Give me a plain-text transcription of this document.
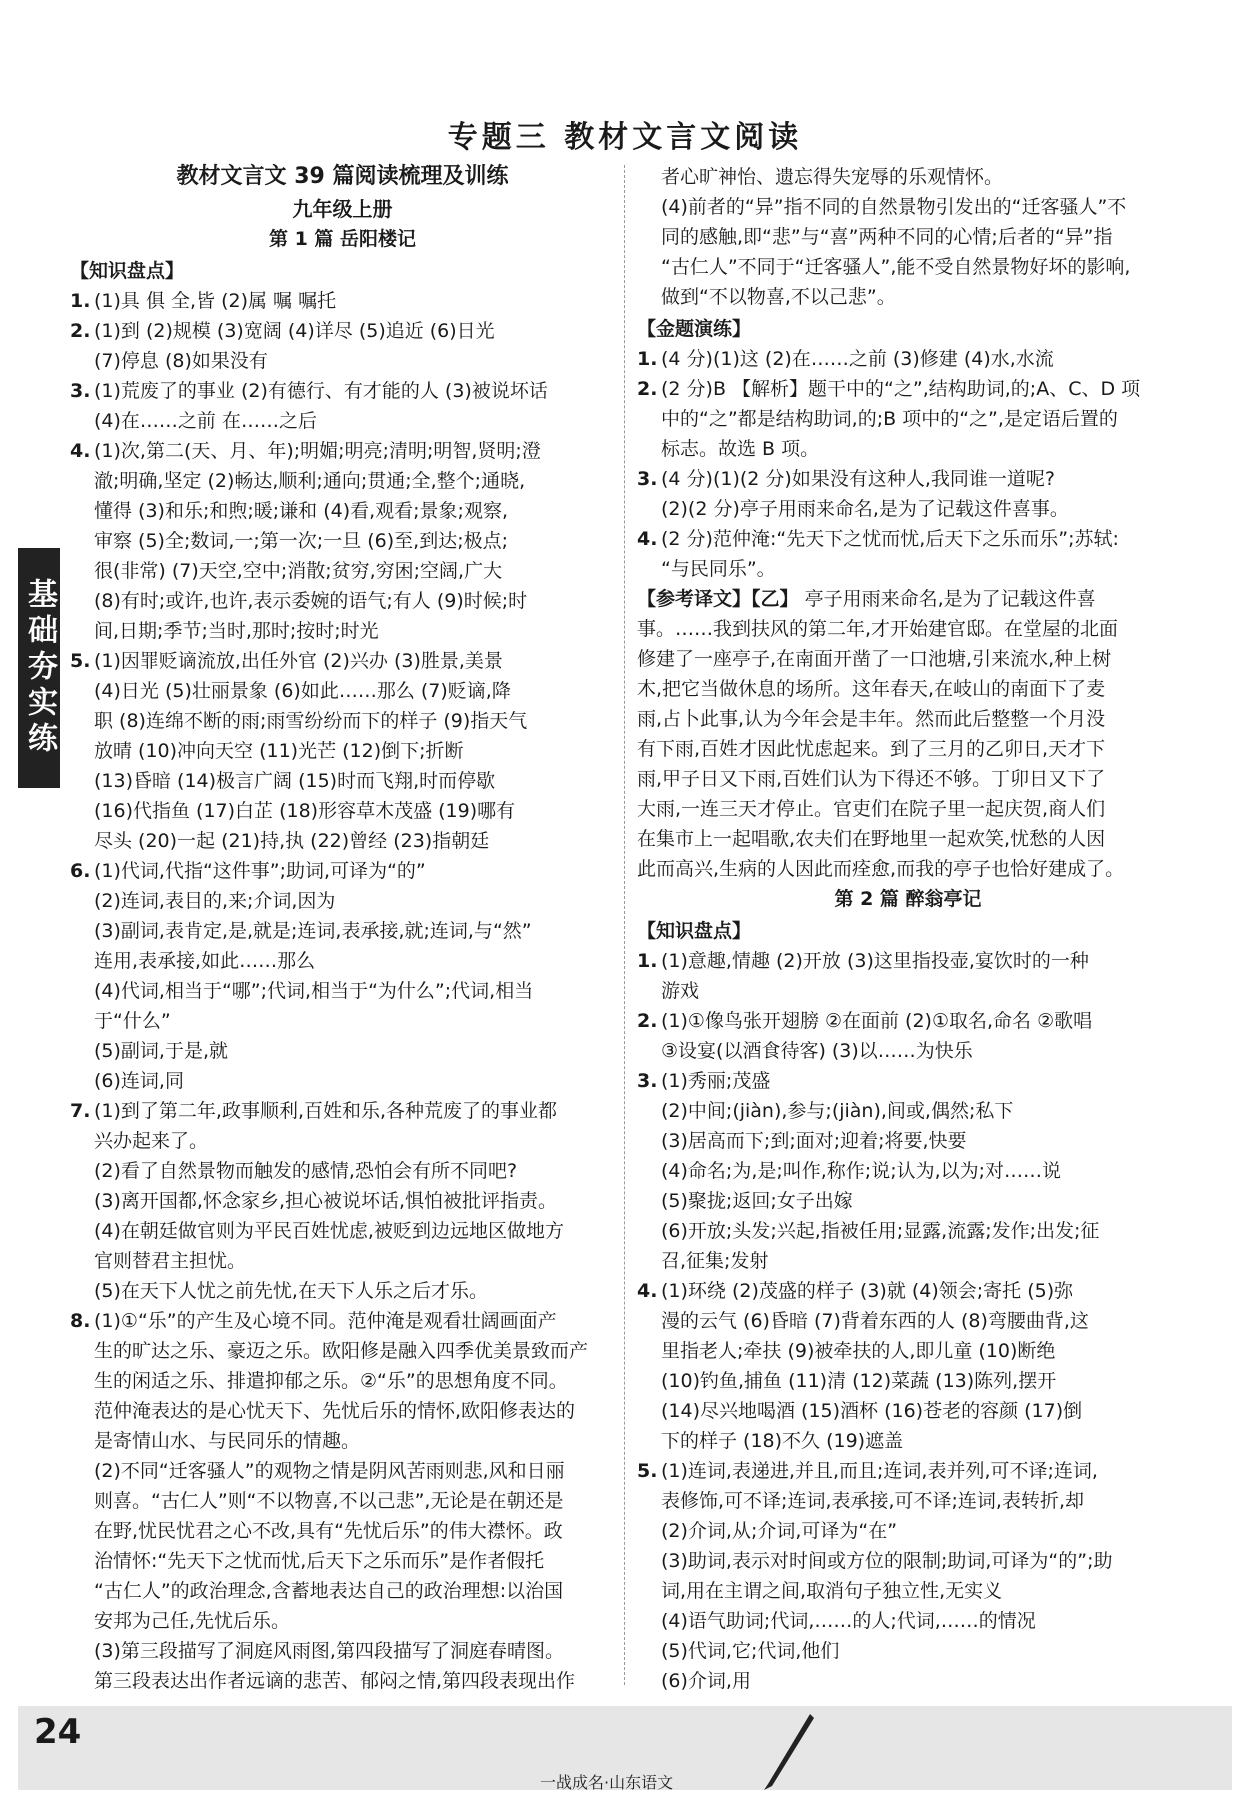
专题三 教材文言文阅读
基础夯实练
教材文言文 39 篇阅读梳理及训练
九年级上册
第 1 篇 岳阳楼记
【知识盘点】
1. (1)具 俱 全,皆 (2)属 嘱 嘱托
2. (1)到 (2)规模 (3)宽阔 (4)详尽 (5)追近 (6)日光
(7)停息 (8)如果没有
3. (1)荒废了的事业 (2)有德行、有才能的人 (3)被说坏话
(4)在……之前 在……之后
4. (1)次,第二(天、月、年);明媚;明亮;清明;明智,贤明;澄
澈;明确,坚定 (2)畅达,顺利;通向;贯通;全,整个;通晓,
懂得 (3)和乐;和煦;暖;谦和 (4)看,观看;景象;观察,
审察 (5)全;数词,一;第一次;一旦 (6)至,到达;极点;
很(非常) (7)天空,空中;消散;贫穷,穷困;空阔,广大
(8)有时;或许,也许,表示委婉的语气;有人 (9)时候;时
间,日期;季节;当时,那时;按时;时光
5. (1)因罪贬谪流放,出任外官 (2)兴办 (3)胜景,美景
(4)日光 (5)壮丽景象 (6)如此……那么 (7)贬谪,降
职 (8)连绵不断的雨;雨雪纷纷而下的样子 (9)指天气
放晴 (10)冲向天空 (11)光芒 (12)倒下;折断
(13)昏暗 (14)极言广阔 (15)时而飞翔,时而停歇
(16)代指鱼 (17)白芷 (18)形容草木茂盛 (19)哪有
尽头 (20)一起 (21)持,执 (22)曾经 (23)指朝廷
6. (1)代词,代指“这件事”;助词,可译为“的”
(2)连词,表目的,来;介词,因为
(3)副词,表肯定,是,就是;连词,表承接,就;连词,与“然”
连用,表承接,如此……那么
(4)代词,相当于“哪”;代词,相当于“为什么”;代词,相当
于“什么”
(5)副词,于是,就
(6)连词,同
7. (1)到了第二年,政事顺利,百姓和乐,各种荒废了的事业都
兴办起来了。
(2)看了自然景物而触发的感情,恐怕会有所不同吧?
(3)离开国都,怀念家乡,担心被说坏话,惧怕被批评指责。
(4)在朝廷做官则为平民百姓忧虑,被贬到边远地区做地方
官则替君主担忧。
(5)在天下人忧之前先忧,在天下人乐之后才乐。
8. (1)①“乐”的产生及心境不同。范仲淹是观看壮阔画面产
生的旷达之乐、豪迈之乐。欧阳修是融入四季优美景致而产
生的闲适之乐、排遣抑郁之乐。②“乐”的思想角度不同。
范仲淹表达的是心忧天下、先忧后乐的情怀,欧阳修表达的
是寄情山水、与民同乐的情趣。
(2)不同“迁客骚人”的观物之情是阴风苦雨则悲,风和日丽
则喜。“古仁人”则“不以物喜,不以己悲”,无论是在朝还是
在野,忧民忧君之心不改,具有“先忧后乐”的伟大襟怀。政
治情怀:“先天下之忧而忧,后天下之乐而乐”是作者假托
“古仁人”的政治理念,含蓄地表达自己的政治理想:以治国
安邦为己任,先忧后乐。
(3)第三段描写了洞庭风雨图,第四段描写了洞庭春晴图。
第三段表达出作者远谪的悲苦、郁闷之情,第四段表现出作
者心旷神怡、遗忘得失宠辱的乐观情怀。
(4)前者的“异”指不同的自然景物引发出的“迁客骚人”不
同的感触,即“悲”与“喜”两种不同的心情;后者的“异”指
“古仁人”不同于“迁客骚人”,能不受自然景物好坏的影响,
做到“不以物喜,不以己悲”。
【金题演练】
1. (4 分)(1)这 (2)在……之前 (3)修建 (4)水,水流
2. (2 分)B 【解析】题干中的“之”,结构助词,的;A、C、D 项
中的“之”都是结构助词,的;B 项中的“之”,是定语后置的
标志。故选 B 项。
3. (4 分)(1)(2 分)如果没有这种人,我同谁一道呢?
(2)(2 分)亭子用雨来命名,是为了记载这件喜事。
4. (2 分)范仲淹:“先天下之忧而忧,后天下之乐而乐”;苏轼:
“与民同乐”。
【参考译文】【乙】 亭子用雨来命名,是为了记载这件喜
事。……我到扶风的第二年,才开始建官邸。在堂屋的北面
修建了一座亭子,在南面开凿了一口池塘,引来流水,种上树
木,把它当做休息的场所。这年春天,在岐山的南面下了麦
雨,占卜此事,认为今年会是丰年。然而此后整整一个月没
有下雨,百姓才因此忧虑起来。到了三月的乙卯日,天才下
雨,甲子日又下雨,百姓们认为下得还不够。丁卯日又下了
大雨,一连三天才停止。官吏们在院子里一起庆贺,商人们
在集市上一起唱歌,农夫们在野地里一起欢笑,忧愁的人因
此而高兴,生病的人因此而痊愈,而我的亭子也恰好建成了。
第 2 篇 醉翁亭记
【知识盘点】
1. (1)意趣,情趣 (2)开放 (3)这里指投壶,宴饮时的一种
游戏
2. (1)①像鸟张开翅膀 ②在面前 (2)①取名,命名 ②歌唱
③设宴(以酒食待客) (3)以……为快乐
3. (1)秀丽;茂盛
(2)中间;(jiàn),参与;(jiàn),间或,偶然;私下
(3)居高而下;到;面对;迎着;将要,快要
(4)命名;为,是;叫作,称作;说;认为,以为;对……说
(5)聚拢;返回;女子出嫁
(6)开放;头发;兴起,指被任用;显露,流露;发作;出发;征
召,征集;发射
4. (1)环绕 (2)茂盛的样子 (3)就 (4)领会;寄托 (5)弥
漫的云气 (6)昏暗 (7)背着东西的人 (8)弯腰曲背,这
里指老人;牵扶 (9)被牵扶的人,即儿童 (10)断绝
(10)钓鱼,捕鱼 (11)清 (12)菜蔬 (13)陈列,摆开
(14)尽兴地喝酒 (15)酒杯 (16)苍老的容颜 (17)倒
下的样子 (18)不久 (19)遮盖
5. (1)连词,表递进,并且,而且;连词,表并列,可不译;连词,
表修饰,可不译;连词,表承接,可不译;连词,表转折,却
(2)介词,从;介词,可译为“在”
(3)助词,表示对时间或方位的限制;助词,可译为“的”;助
词,用在主谓之间,取消句子独立性,无实义
(4)语气助词;代词,……的人;代词,……的情况
(5)代词,它;代词,他们
(6)介词,用
24
一战成名·山东语文
